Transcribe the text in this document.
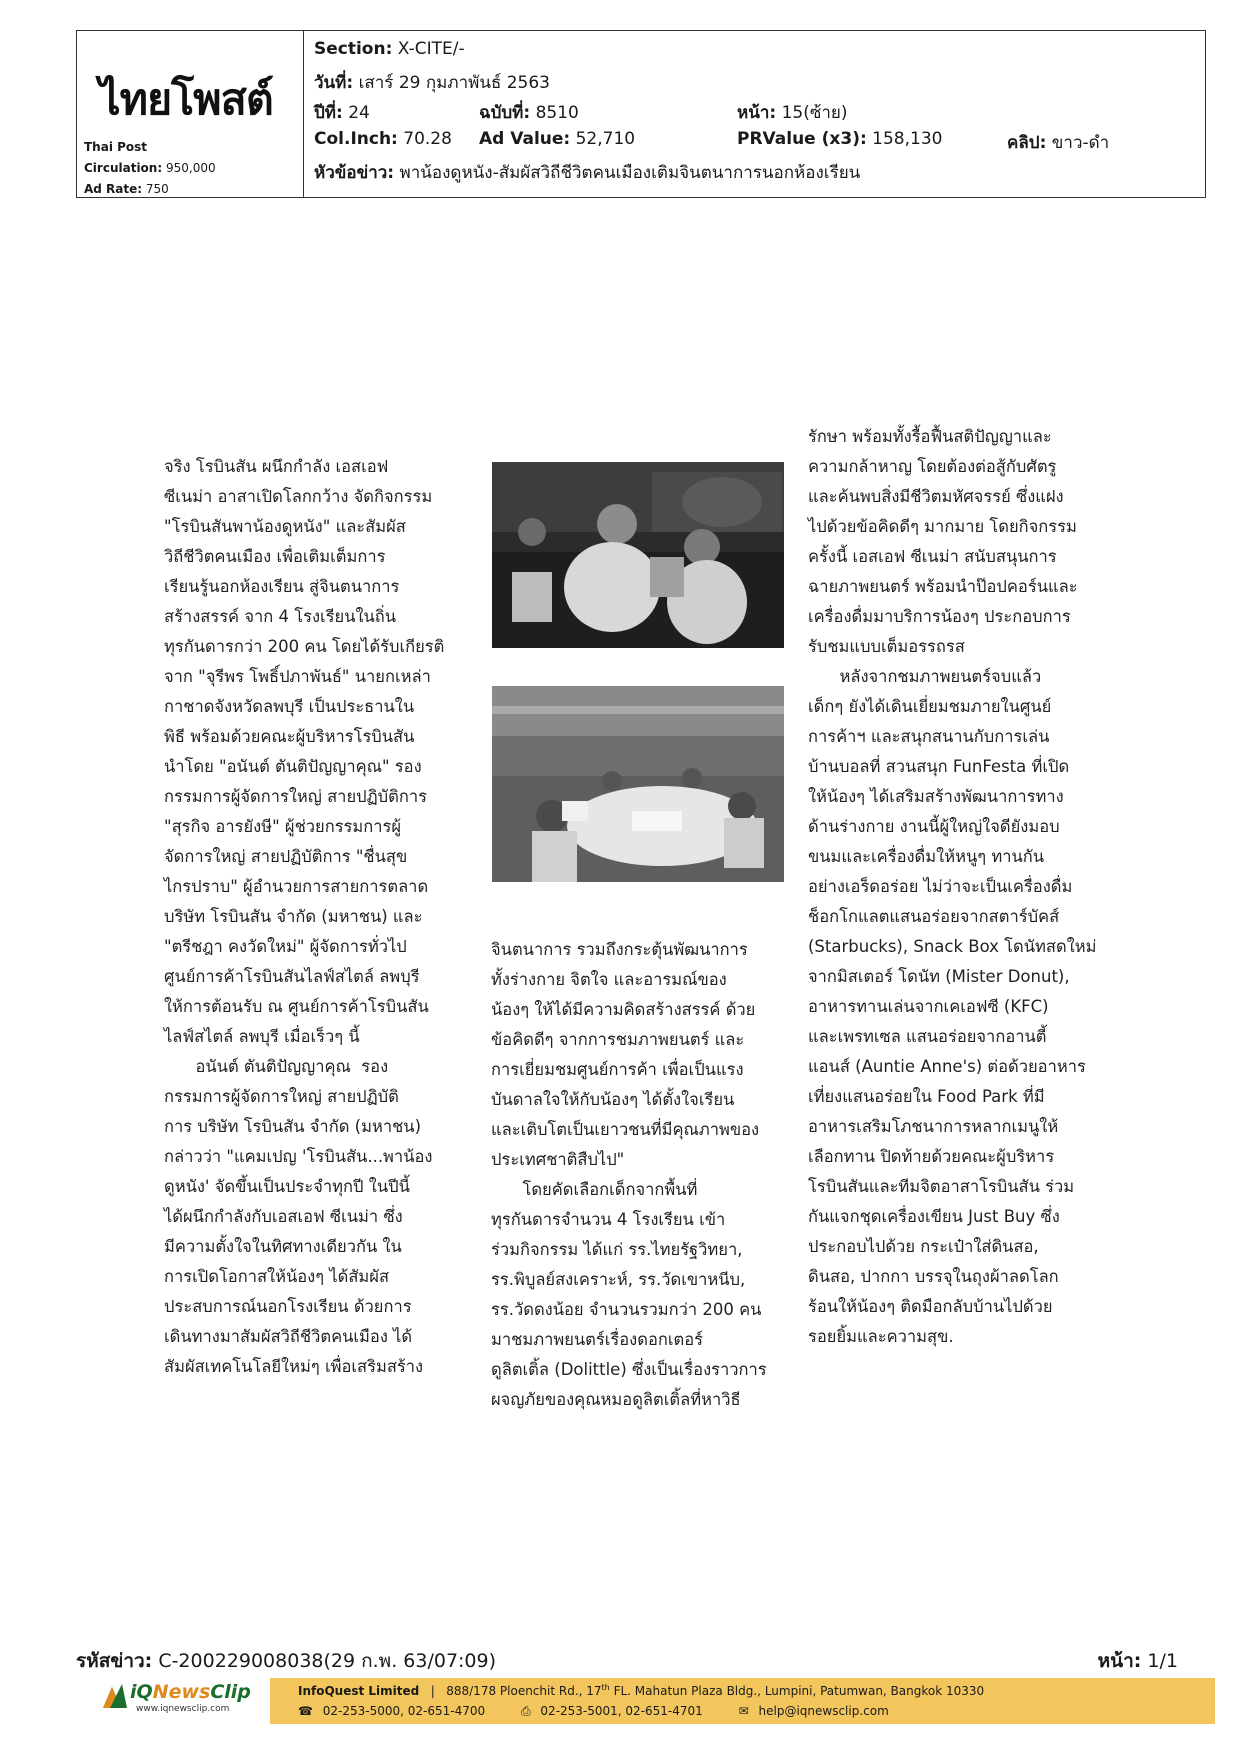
ไทยโพสต์
Thai Post
Circulation: 950,000
Ad Rate: 750
Section: X-CITE/-
วันที่: เสาร์ 29 กุมภาพันธ์ 2563
ปีที่: 24	ฉบับที่: 8510	หน้า: 15(ซ้าย)
Col.Inch: 70.28 Ad Value: 52,710	PRValue (x3): 158,130	คลิป: ขาว-ดำ
หัวข้อข่าว: พาน้องดูหนัง-สัมผัสวิถีชีวิตคนเมืองเติมจินตนาการนอกห้องเรียน

จริง โรบินสัน ผนึกกำลัง เอสเอฟ

ซีเนม่า อาสาเปิดโลกกว้าง จัดกิจกรรม

"โรบินสันพาน้องดูหนัง" และสัมผัส

วิถีชีวิตคนเมือง เพื่อเติมเต็มการ

เรียนรู้นอกห้องเรียน สู่จินตนาการ

สร้างสรรค์ จาก 4 โรงเรียนในถิ่น

ทุรกันดารกว่า 200 คน โดยได้รับเกียรติ

จาก "จุรีพร โพธิ์ปภาพันธ์" นายกเหล่า

กาชาดจังหวัดลพบุรี เป็นประธานใน

พิธี พร้อมด้วยคณะผู้บริหารโรบินสัน

นำโดย "อนันต์ ตันติปัญญาคุณ" รอง

กรรมการผู้จัดการใหญ่ สายปฏิบัติการ

"สุรกิจ อารยังษี" ผู้ช่วยกรรมการผู้

จัดการใหญ่ สายปฏิบัติการ "ชื่นสุข

ไกรปราบ" ผู้อำนวยการสายการตลาด

บริษัท โรบินสัน จำกัด (มหาชน) และ

"ตรีชฎา คงวัดใหม่" ผู้จัดการทั่วไป

ศูนย์การค้าโรบินสันไลฟ์สไตล์ ลพบุรี

ให้การต้อนรับ ณ ศูนย์การค้าโรบินสัน

ไลฟ์สไตล์ ลพบุรี เมื่อเร็วๆ นี้

อนันต์ ตันติปัญญาคุณ  รอง

กรรมการผู้จัดการใหญ่ สายปฏิบัติ

การ บริษัท โรบินสัน จำกัด (มหาชน)

กล่าวว่า "แคมเปญ 'โรบินสัน...พาน้อง

ดูหนัง' จัดขึ้นเป็นประจำทุกปี ในปีนี้

ได้ผนึกกำลังกับเอสเอฟ ซีเนม่า ซึ่ง

มีความตั้งใจในทิศทางเดียวกัน ใน

การเปิดโอกาสให้น้องๆ ได้สัมผัส

ประสบการณ์นอกโรงเรียน ด้วยการ

เดินทางมาสัมผัสวิถีชีวิตคนเมือง ได้

สัมผัสเทคโนโลยีใหม่ๆ เพื่อเสริมสร้าง

จินตนาการ รวมถึงกระตุ้นพัฒนาการ

ทั้งร่างกาย จิตใจ และอารมณ์ของ

น้องๆ ให้ได้มีความคิดสร้างสรรค์ ด้วย

ข้อคิดดีๆ จากการชมภาพยนตร์ และ

การเยี่ยมชมศูนย์การค้า เพื่อเป็นแรง

บันดาลใจให้กับน้องๆ ได้ตั้งใจเรียน

และเติบโตเป็นเยาวชนที่มีคุณภาพของ

ประเทศชาติสืบไป"

โดยคัดเลือกเด็กจากพื้นที่

ทุรกันดารจำนวน 4 โรงเรียน เข้า

ร่วมกิจกรรม ได้แก่ รร.ไทยรัฐวิทยา,

รร.พิบูลย์สงเคราะห์, รร.วัดเขาหนีบ,

รร.วัดดงน้อย จำนวนรวมกว่า 200 คน

มาชมภาพยนตร์เรื่องดอกเตอร์

ดูลิตเติ้ล (Dolittle) ซึ่งเป็นเรื่องราวการ

ผจญภัยของคุณหมอดูลิตเติ้ลที่หาวิธี

รักษา พร้อมทั้งรื้อฟื้นสติปัญญาและ

ความกล้าหาญ โดยต้องต่อสู้กับศัตรู

และค้นพบสิ่งมีชีวิตมหัศจรรย์ ซึ่งแฝง

ไปด้วยข้อคิดดีๆ มากมาย โดยกิจกรรม

ครั้งนี้ เอสเอฟ ซีเนม่า สนับสนุนการ

ฉายภาพยนตร์ พร้อมนำป๊อปคอร์นและ

เครื่องดื่มมาบริการน้องๆ ประกอบการ

รับชมแบบเต็มอรรถรส

หลังจากชมภาพยนตร์จบแล้ว

เด็กๆ ยังได้เดินเยี่ยมชมภายในศูนย์

การค้าฯ และสนุกสนานกับการเล่น

บ้านบอลที่ สวนสนุก FunFesta ที่เปิด

ให้น้องๆ ได้เสริมสร้างพัฒนาการทาง

ด้านร่างกาย งานนี้ผู้ใหญ่ใจดียังมอบ

ขนมและเครื่องดื่มให้หนูๆ ทานกัน

อย่างเอร็ดอร่อย ไม่ว่าจะเป็นเครื่องดื่ม

ช็อกโกแลตแสนอร่อยจากสตาร์บัคส์

(Starbucks), Snack Box โดนัทสดใหม่

จากมิสเตอร์ โดนัท (Mister Donut),

อาหารทานเล่นจากเคเอฟซี (KFC)

และเพรทเซล แสนอร่อยจากอานตี้

แอนส์ (Auntie Anne's) ต่อด้วยอาหาร

เที่ยงแสนอร่อยใน Food Park ที่มี

อาหารเสริมโภชนาการหลากเมนูให้

เลือกทาน ปิดท้ายด้วยคณะผู้บริหาร

โรบินสันและทีมจิตอาสาโรบินสัน ร่วม

กันแจกชุดเครื่องเขียน Just Buy ซึ่ง

ประกอบไปด้วย กระเป๋าใส่ดินสอ,

ดินสอ, ปากกา บรรจุในถุงผ้าลดโลก

ร้อนให้น้องๆ ติดมือกลับบ้านไปด้วย

รอยยิ้มและความสุข.

รหัสข่าว: C-200229008038(29 ก.พ. 63/07:09)	หน้า: 1/1
iQNewsClip
www.iqnewsclip.com
InfoQuest Limited   |   888/178 Ploenchit Rd., 17th FL. Mahatun Plaza Bldg., Lumpini, Patumwan, Bangkok 10330
☎ 02-253-5000, 02-651-4700	⎙ 02-253-5001, 02-651-4701	✉ help@iqnewsclip.com
